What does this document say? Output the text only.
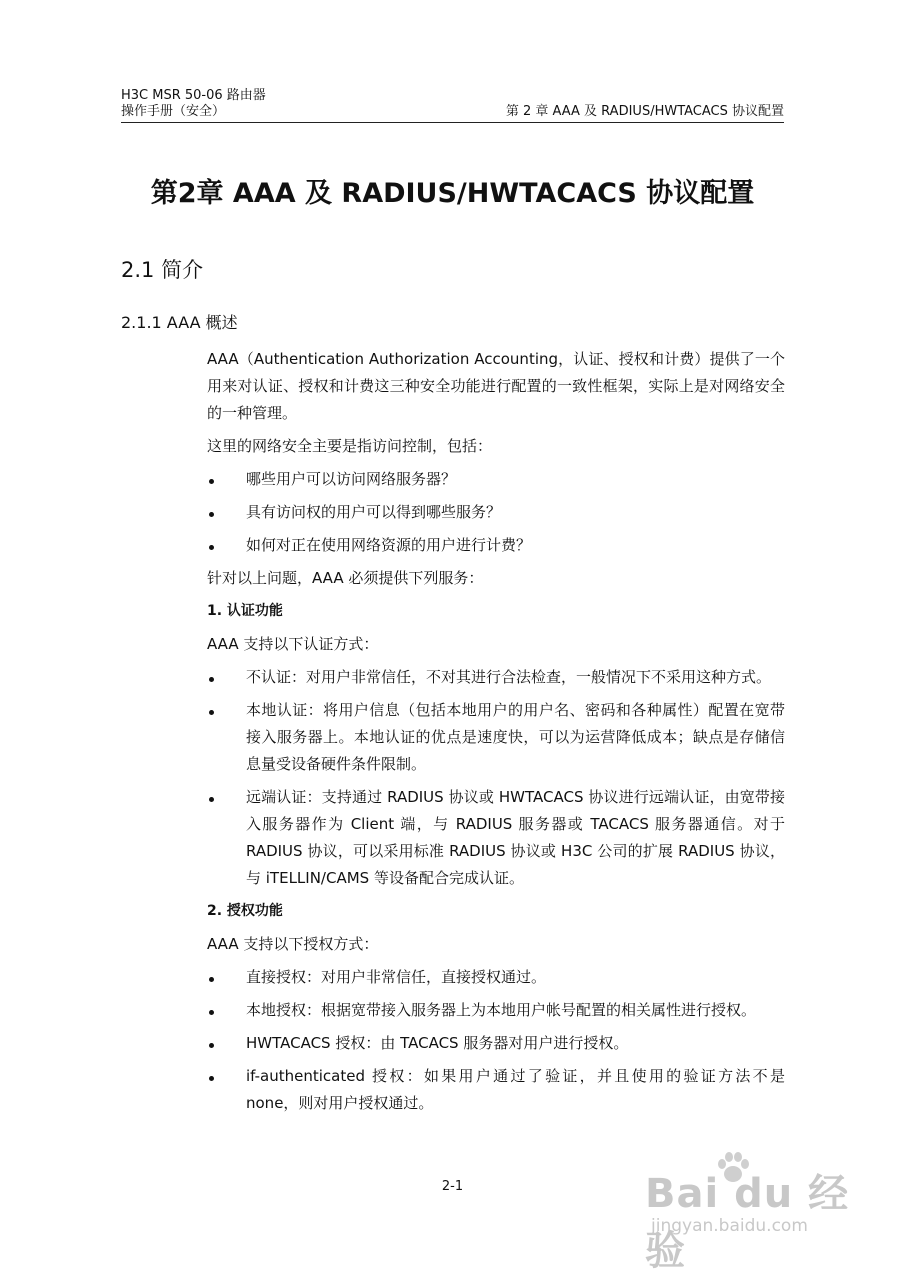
H3C MSR 50-06 路由器
操作手册（安全）	第 2 章 AAA 及 RADIUS/HWTACACS 协议配置
第2章 AAA 及 RADIUS/HWTACACS 协议配置
2.1 简介
2.1.1 AAA 概述

AAA（Authentication Authorization Accounting，认证、授权和计费）提供了一个用来对认证、授权和计费这三种安全功能进行配置的一致性框架，实际上是对网络安全的一种管理。

这里的网络安全主要是指访问控制，包括：

哪些用户可以访问网络服务器？
具有访问权的用户可以得到哪些服务？
如何对正在使用网络资源的用户进行计费？

针对以上问题，AAA 必须提供下列服务：

1. 认证功能

AAA 支持以下认证方式：

不认证：对用户非常信任，不对其进行合法检查，一般情况下不采用这种方式。
本地认证：将用户信息（包括本地用户的用户名、密码和各种属性）配置在宽带接入服务器上。本地认证的优点是速度快，可以为运营降低成本；缺点是存储信息量受设备硬件条件限制。
远端认证：支持通过 RADIUS 协议或 HWTACACS 协议进行远端认证，由宽带接入服务器作为 Client 端，与 RADIUS 服务器或 TACACS 服务器通信。对于 RADIUS 协议，可以采用标准 RADIUS 协议或 H3C 公司的扩展 RADIUS 协议，与 iTELLIN/CAMS 等设备配合完成认证。

2. 授权功能

AAA 支持以下授权方式：

直接授权：对用户非常信任，直接授权通过。
本地授权：根据宽带接入服务器上为本地用户帐号配置的相关属性进行授权。
HWTACACS 授权：由 TACACS 服务器对用户进行授权。
if-authenticated 授权：如果用户通过了验证，并且使用的验证方法不是 none，则对用户授权通过。
2-1	Bai du 经验
jingyan.baidu.com
